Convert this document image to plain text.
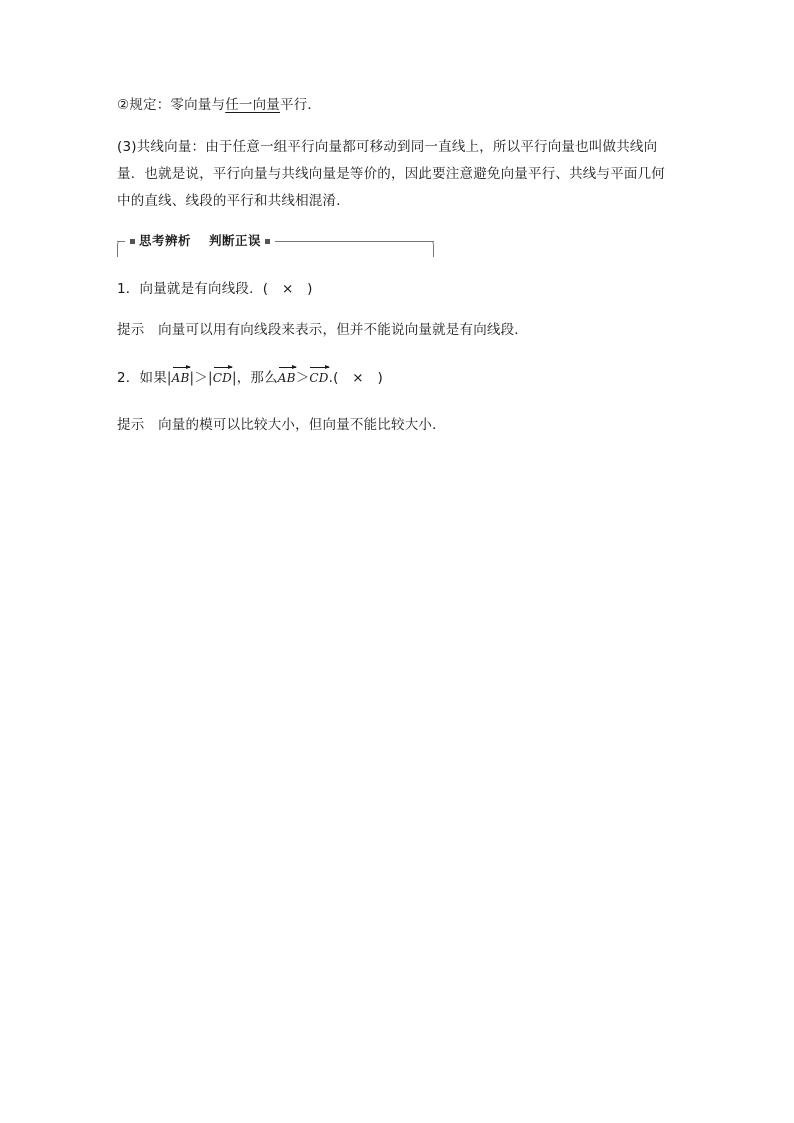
②规定：零向量与任一向量平行．
(3)共线向量：由于任意一组平行向量都可移动到同一直线上，所以平行向量也叫做共线向
量．也就是说，平行向量与共线向量是等价的，因此要注意避免向量平行、共线与平面几何
中的直线、线段的平行和共线相混淆．
思考辨析 判断正误
1．向量就是有向线段．(　×　)
提示　向量可以用有向线段来表示，但并不能说向量就是有向线段．
2．如果|AB|＞|CD|，那么AB＞CD.(　×　)
提示　向量的模可以比较大小，但向量不能比较大小．
